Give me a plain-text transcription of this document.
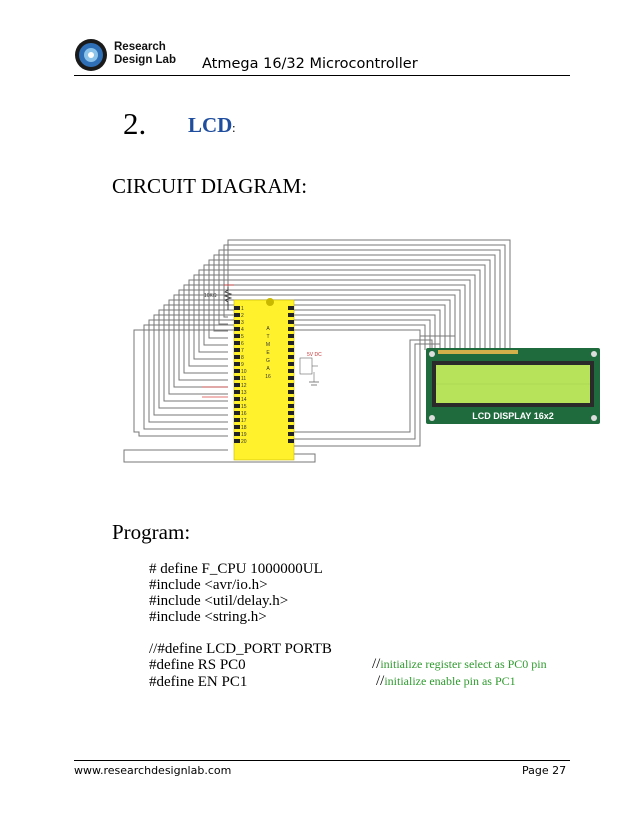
Research
Design Lab Atmega 16/32 Microcontroller
2. LCD :
CIRCUIT DIAGRAM:
10KΩ
1
2
3
4
5
6
7
8
9
10
11
12
13
14
15
16
17
18
19
20
A
T
M
E
G
A
16
5V DC
LCD DISPLAY 16x2
Program:
# define F_CPU 1000000UL
#include <avr/io.h>
#include <util/delay.h>
#include <string.h>
//#define LCD_PORT PORTB
#define RS PC0	//initialize register select as PC0 pin
#define EN PC1	//initialize enable pin as PC1
www.researchdesignlab.com	Page 27
